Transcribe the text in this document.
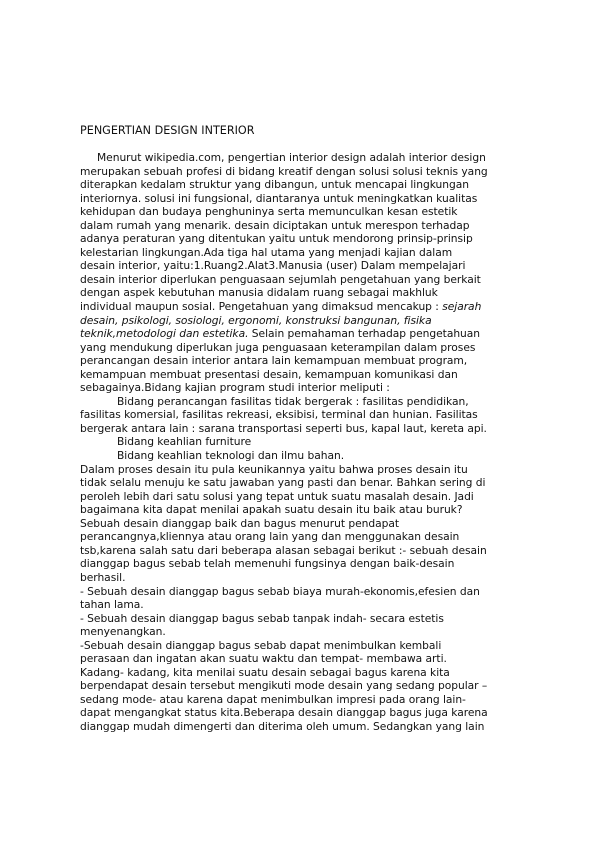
PENGERTIAN DESIGN INTERIOR
Menurut wikipedia.com, pengertian interior design adalah interior design
merupakan sebuah profesi di bidang kreatif dengan solusi solusi teknis yang
diterapkan kedalam struktur yang dibangun, untuk mencapai lingkungan
interiornya. solusi ini fungsional, diantaranya untuk meningkatkan kualitas
kehidupan dan budaya penghuninya serta memunculkan kesan estetik
dalam rumah yang menarik. desain diciptakan untuk merespon terhadap
adanya peraturan yang ditentukan yaitu untuk mendorong prinsip-prinsip
kelestarian lingkungan.Ada tiga hal utama yang menjadi kajian dalam
desain interior, yaitu:1.Ruang2.Alat3.Manusia (user) Dalam mempelajari
desain interior diperlukan penguasaan sejumlah pengetahuan yang berkait
dengan aspek kebutuhan manusia didalam ruang sebagai makhluk
individual maupun sosial. Pengetahuan yang dimaksud mencakup : sejarah
desain, psikologi, sosiologi, ergonomi, konstruksi bangunan, fisika
teknik,metodologi dan estetika. Selain pemahaman terhadap pengetahuan
yang mendukung diperlukan juga penguasaan keterampilan dalam proses
perancangan desain interior antara lain kemampuan membuat program,
kemampuan membuat presentasi desain, kemampuan komunikasi dan
sebagainya.Bidang kajian program studi interior meliputi :
Bidang perancangan fasilitas tidak bergerak : fasilitas pendidikan,
fasilitas komersial, fasilitas rekreasi, eksibisi, terminal dan hunian. Fasilitas
bergerak antara lain : sarana transportasi seperti bus, kapal laut, kereta api.
Bidang keahlian furniture
Bidang keahlian teknologi dan ilmu bahan.
Dalam proses desain itu pula keunikannya yaitu bahwa proses desain itu
tidak selalu menuju ke satu jawaban yang pasti dan benar. Bahkan sering di
peroleh lebih dari satu solusi yang tepat untuk suatu masalah desain. Jadi
bagaimana kita dapat menilai apakah suatu desain itu baik atau buruk?
Sebuah desain dianggap baik dan bagus menurut pendapat
perancangnya,kliennya atau orang lain yang dan menggunakan desain
tsb,karena salah satu dari beberapa alasan sebagai berikut :- sebuah desain
dianggap bagus sebab telah memenuhi fungsinya dengan baik-desain
berhasil.
- Sebuah desain dianggap bagus sebab biaya murah-ekonomis,efesien dan
tahan lama.
- Sebuah desain dianggap bagus sebab tanpak indah- secara estetis
menyenangkan.
-Sebuah desain dianggap bagus sebab dapat menimbulkan kembali
perasaan dan ingatan akan suatu waktu dan tempat- membawa arti.
Kadang- kadang, kita menilai suatu desain sebagai bagus karena kita
berpendapat desain tersebut mengikuti mode desain yang sedang popular –
sedang mode- atau karena dapat menimbulkan impresi pada orang lain-
dapat mengangkat status kita.Beberapa desain dianggap bagus juga karena
dianggap mudah dimengerti dan diterima oleh umum. Sedangkan yang lain
